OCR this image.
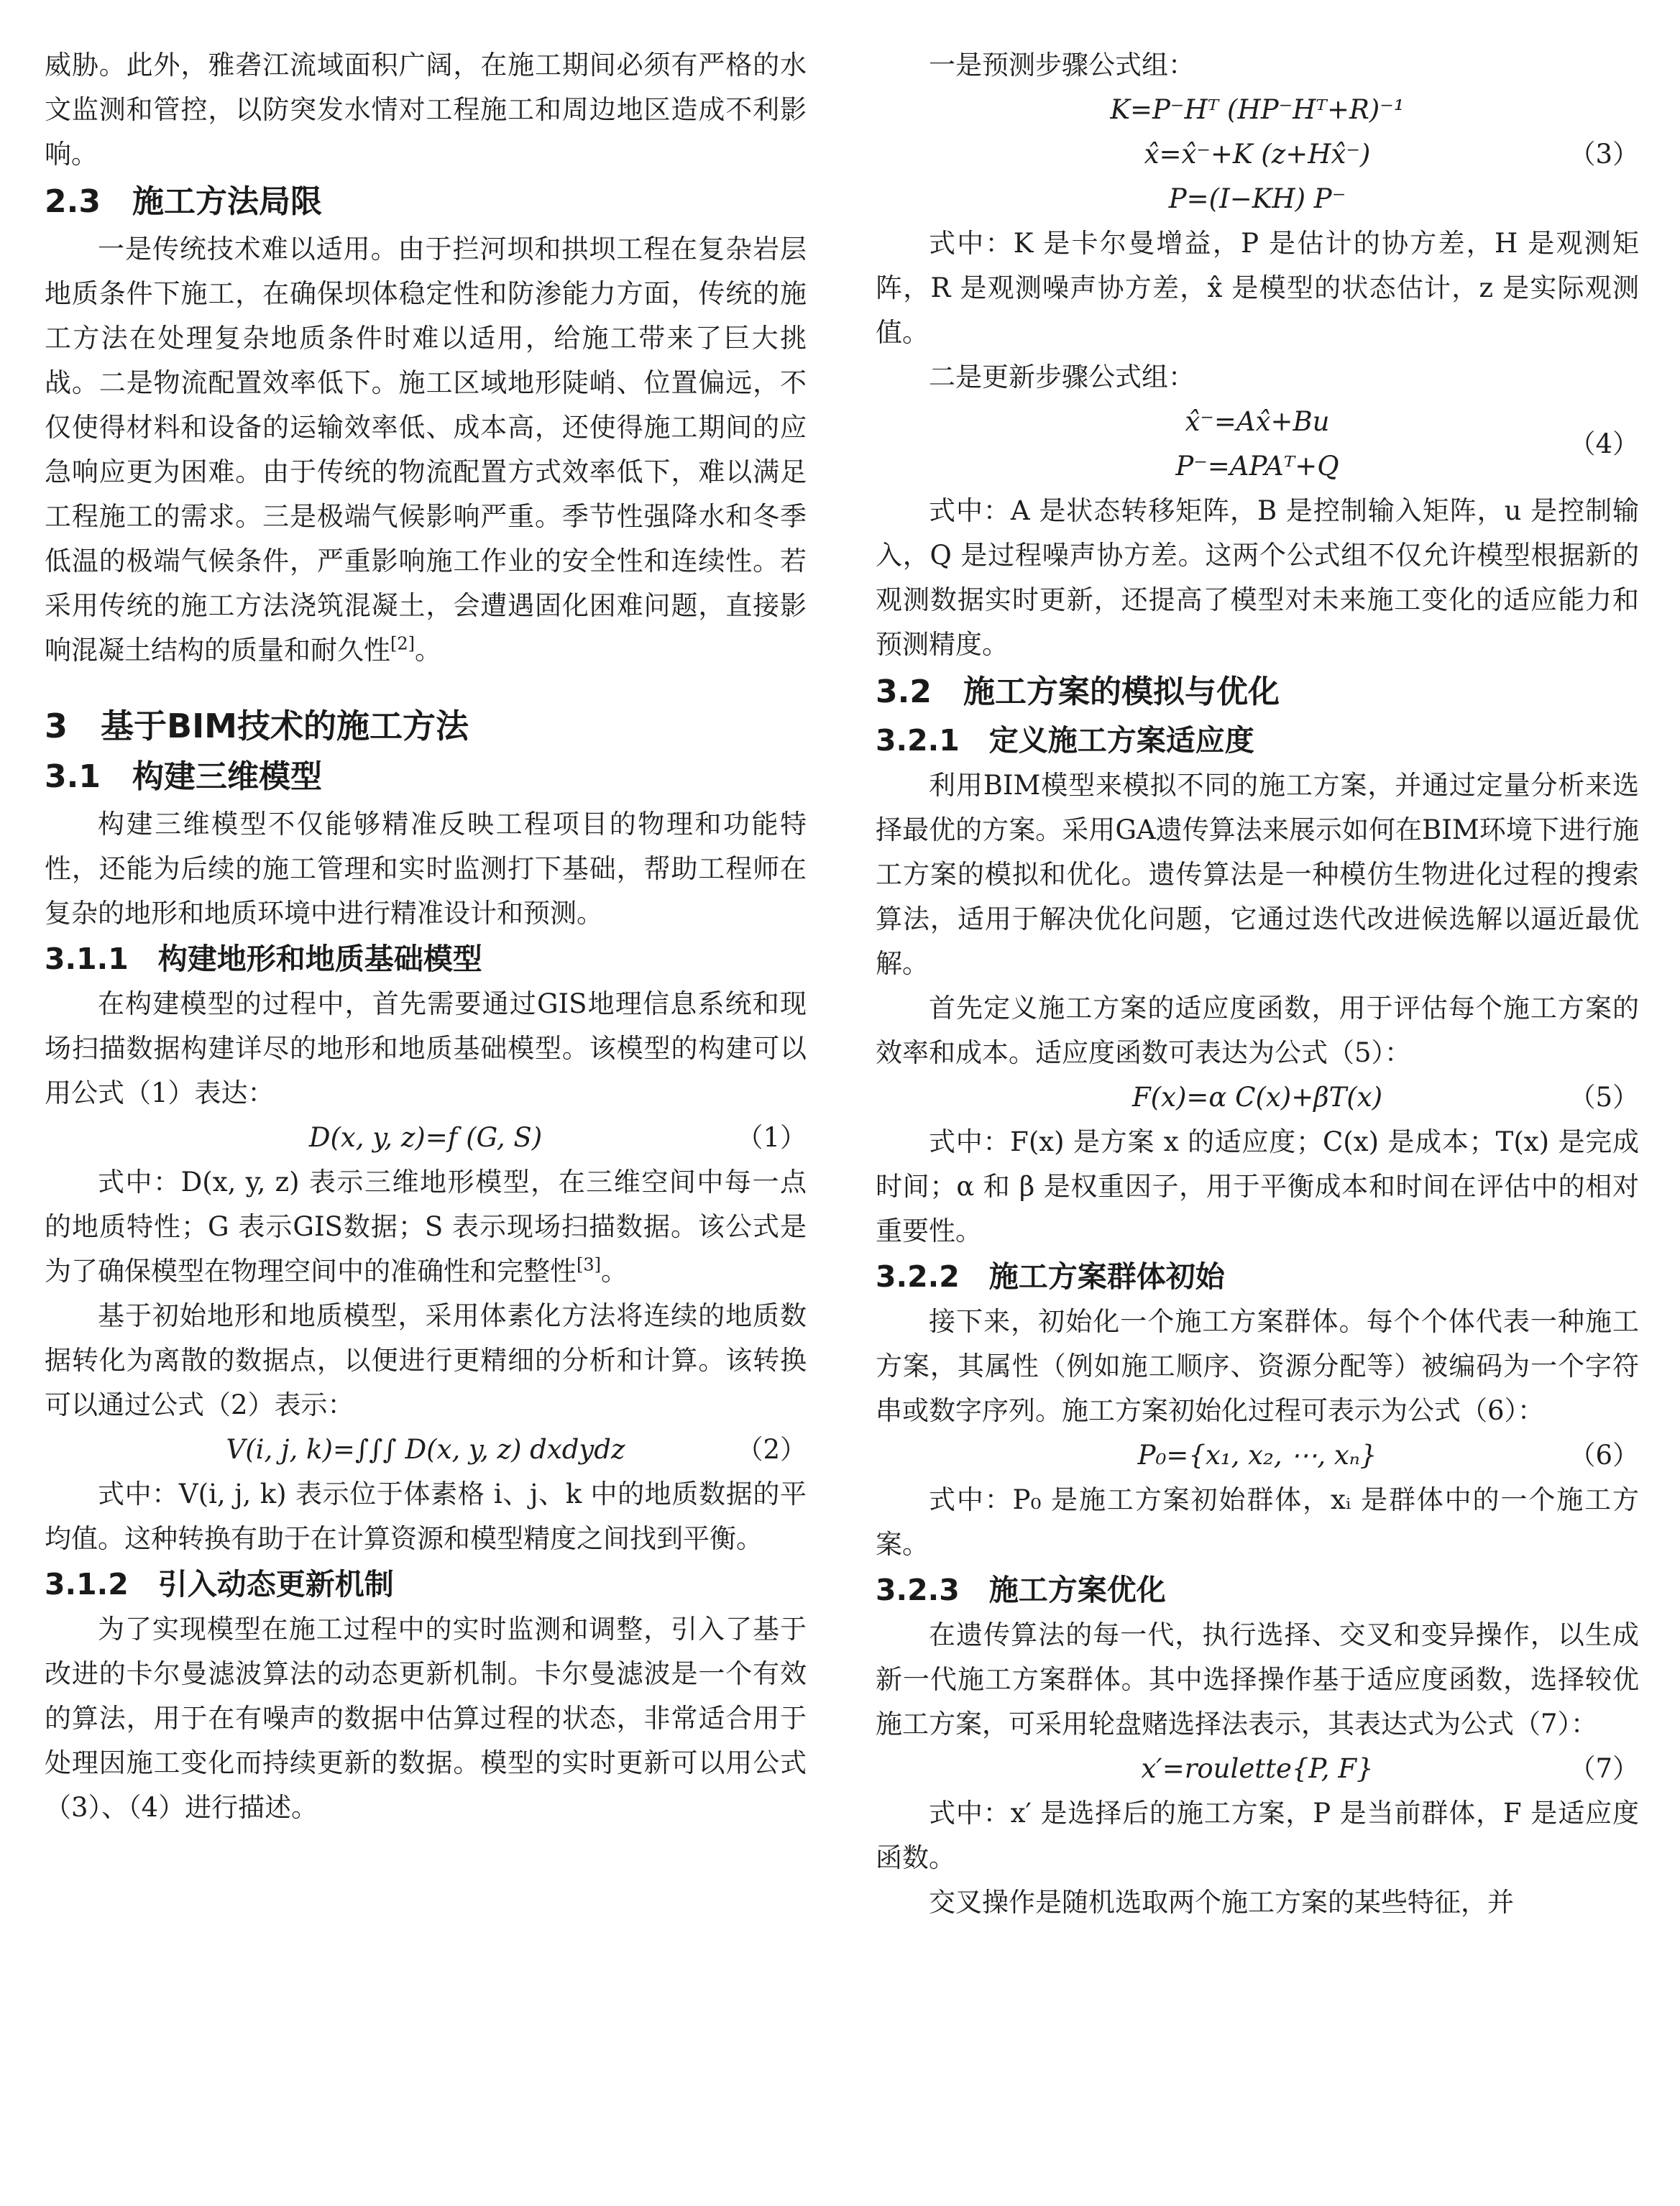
威胁。此外，雅砻江流域面积广阔，在施工期间必须有严格的水文监测和管控，以防突发水情对工程施工和周边地区造成不利影响。

2.3　施工方法局限

一是传统技术难以适用。由于拦河坝和拱坝工程在复杂岩层地质条件下施工，在确保坝体稳定性和防渗能力方面，传统的施工方法在处理复杂地质条件时难以适用，给施工带来了巨大挑战。二是物流配置效率低下。施工区域地形陡峭、位置偏远，不仅使得材料和设备的运输效率低、成本高，还使得施工期间的应急响应更为困难。由于传统的物流配置方式效率低下，难以满足工程施工的需求。三是极端气候影响严重。季节性强降水和冬季低温的极端气候条件，严重影响施工作业的安全性和连续性。若采用传统的施工方法浇筑混凝土，会遭遇固化困难问题，直接影响混凝土结构的质量和耐久性[2]。

3　基于BIM技术的施工方法
3.1　构建三维模型

构建三维模型不仅能够精准反映工程项目的物理和功能特性，还能为后续的施工管理和实时监测打下基础，帮助工程师在复杂的地形和地质环境中进行精准设计和预测。

3.1.1　构建地形和地质基础模型

在构建模型的过程中，首先需要通过GIS地理信息系统和现场扫描数据构建详尽的地形和地质基础模型。该模型的构建可以用公式（1）表达：

D(x, y, z)=f (G, S)	（1）

式中：D(x, y, z) 表示三维地形模型，在三维空间中每一点的地质特性；G 表示GIS数据；S 表示现场扫描数据。该公式是为了确保模型在物理空间中的准确性和完整性[3]。

基于初始地形和地质模型，采用体素化方法将连续的地质数据转化为离散的数据点，以便进行更精细的分析和计算。该转换可以通过公式（2）表示：

V(i, j, k)=∫∫∫ D(x, y, z) dxdydz	（2）

式中：V(i, j, k) 表示位于体素格 i、j、k 中的地质数据的平均值。这种转换有助于在计算资源和模型精度之间找到平衡。

3.1.2　引入动态更新机制

为了实现模型在施工过程中的实时监测和调整，引入了基于改进的卡尔曼滤波算法的动态更新机制。卡尔曼滤波是一个有效的算法，用于在有噪声的数据中估算过程的状态，非常适合用于处理因施工变化而持续更新的数据。模型的实时更新可以用公式（3）、（4）进行描述。

一是预测步骤公式组：

K=P⁻Hᵀ (HP⁻Hᵀ+R)⁻¹
x̂=x̂⁻+K (z+Hx̂⁻)
P=(I−KH) P⁻
（3）

式中：K 是卡尔曼增益，P 是估计的协方差，H 是观测矩阵，R 是观测噪声协方差，x̂ 是模型的状态估计，z 是实际观测值。

二是更新步骤公式组：

x̂⁻=Ax̂+Bu
P⁻=APAᵀ+Q
（4）

式中：A 是状态转移矩阵，B 是控制输入矩阵，u 是控制输入，Q 是过程噪声协方差。这两个公式组不仅允许模型根据新的观测数据实时更新，还提高了模型对未来施工变化的适应能力和预测精度。

3.2　施工方案的模拟与优化
3.2.1　定义施工方案适应度

利用BIM模型来模拟不同的施工方案，并通过定量分析来选择最优的方案。采用GA遗传算法来展示如何在BIM环境下进行施工方案的模拟和优化。遗传算法是一种模仿生物进化过程的搜索算法，适用于解决优化问题，它通过迭代改进候选解以逼近最优解。

首先定义施工方案的适应度函数，用于评估每个施工方案的效率和成本。适应度函数可表达为公式（5）：

F(x)=α C(x)+βT(x)	（5）

式中：F(x) 是方案 x 的适应度；C(x) 是成本；T(x) 是完成时间；α 和 β 是权重因子，用于平衡成本和时间在评估中的相对重要性。

3.2.2　施工方案群体初始

接下来，初始化一个施工方案群体。每个个体代表一种施工方案，其属性（例如施工顺序、资源分配等）被编码为一个字符串或数字序列。施工方案初始化过程可表示为公式（6）：

P₀={x₁, x₂, ⋯, xₙ}	（6）

式中：P₀ 是施工方案初始群体，xᵢ 是群体中的一个施工方案。

3.2.3　施工方案优化

在遗传算法的每一代，执行选择、交叉和变异操作，以生成新一代施工方案群体。其中选择操作基于适应度函数，选择较优施工方案，可采用轮盘赌选择法表示，其表达式为公式（7）：

x′=roulette{P, F}	（7）

式中：x′ 是选择后的施工方案，P 是当前群体，F 是适应度函数。

交叉操作是随机选取两个施工方案的某些特征，并
